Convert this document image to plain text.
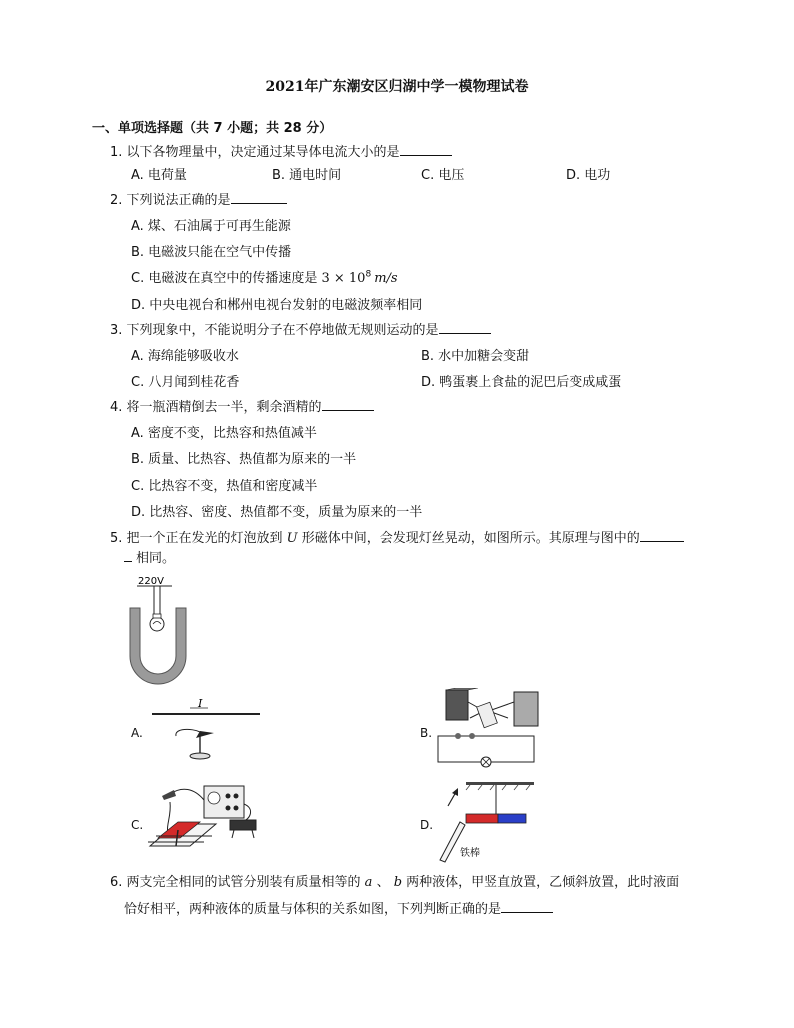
2021年广东潮安区归湖中学一模物理试卷
一、单项选择题（共 7 小题；共 28 分）
1. 以下各物理量中，决定通过某导体电流大小的是
A. 电荷量	B. 通电时间	C. 电压	D. 电功
2. 下列说法正确的是
A. 煤、石油属于可再生能源
B. 电磁波只能在空气中传播
C. 电磁波在真空中的传播速度是 $3 \times 10^8$ m/s
D. 中央电视台和郴州电视台发射的电磁波频率相同
3. 下列现象中，不能说明分子在不停地做无规则运动的是
A. 海绵能够吸收水	B. 水中加糖会变甜
C. 八月闻到桂花香	D. 鸭蛋裹上食盐的泥巴后变成咸蛋
4. 将一瓶酒精倒去一半，剩余酒精的
A. 密度不变，比热容和热值减半
B. 质量、比热容、热值都为原来的一半
C. 比热容不变，热值和密度减半
D. 比热容、密度、热值都不变，质量为原来的一半
5. 把一个正在发光的灯泡放到 U 形磁体中间，会发现灯丝晃动，如图所示。其原理与图中的
相同。
220V
A.
I
B.
C.	D.
铁棒
6. 两支完全相同的试管分别装有质量相等的 a 、 b 两种液体，甲竖直放置，乙倾斜放置，此时液面
恰好相平，两种液体的质量与体积的关系如图，下列判断正确的是
